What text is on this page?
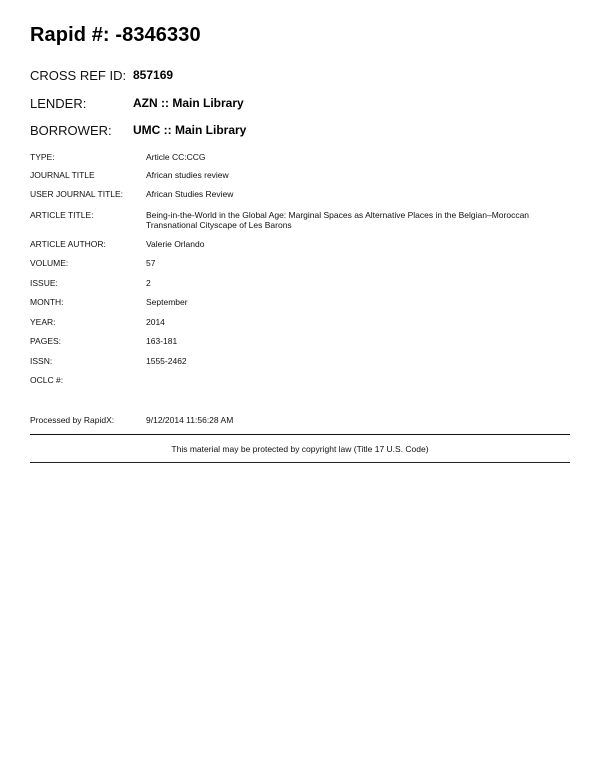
Rapid #: -8346330
CROSS REF ID: 857169
LENDER:	AZN :: Main Library
BORROWER:	UMC :: Main Library
TYPE:	Article CC:CCG
JOURNAL TITLE	African studies review
USER JOURNAL TITLE:	African Studies Review
ARTICLE TITLE:	Being-in-the-World in the Global Age: Marginal Spaces as Alternative Places in the Belgian–Moroccan Transnational Cityscape of Les Barons
ARTICLE AUTHOR:	Valerie Orlando
VOLUME:	57
ISSUE:	2
MONTH:	September
YEAR:	2014
PAGES:	163-181
ISSN:	1555-2462
OCLC #:
Processed by RapidX:	9/12/2014 11:56:28 AM
This material may be protected by copyright law (Title 17 U.S. Code)
